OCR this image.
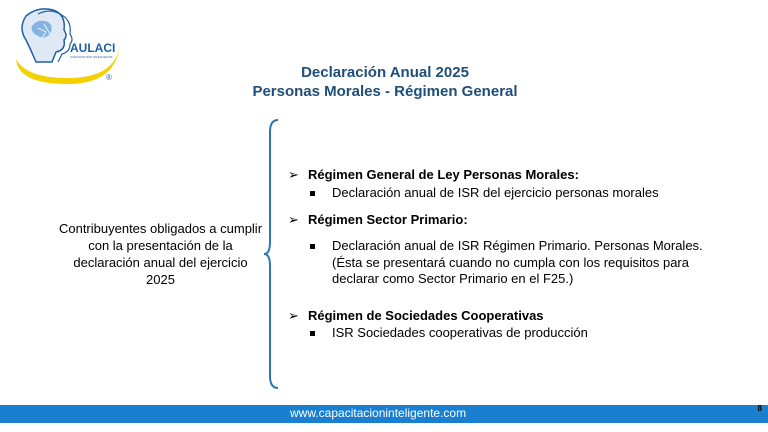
AULACI
CAPACITACIÓN INTELIGENTE
®	Declaración Anual 2025
Personas Morales - Régimen General
Contribuyentes obligados a cumplir con la presentación de la declaración anual del ejercicio 2025
➢ Régimen General de Ley Personas Morales:
Declaración anual de ISR del ejercicio personas morales
➢ Régimen Sector Primario:
Declaración anual de ISR Régimen Primario. Personas Morales. (Ésta se presentará cuando no cumpla con los requisitos para declarar como Sector Primario en el F25.)
➢ Régimen de Sociedades Cooperativas
ISR Sociedades cooperativas de producción
www.capacitacioninteligente.com	8
